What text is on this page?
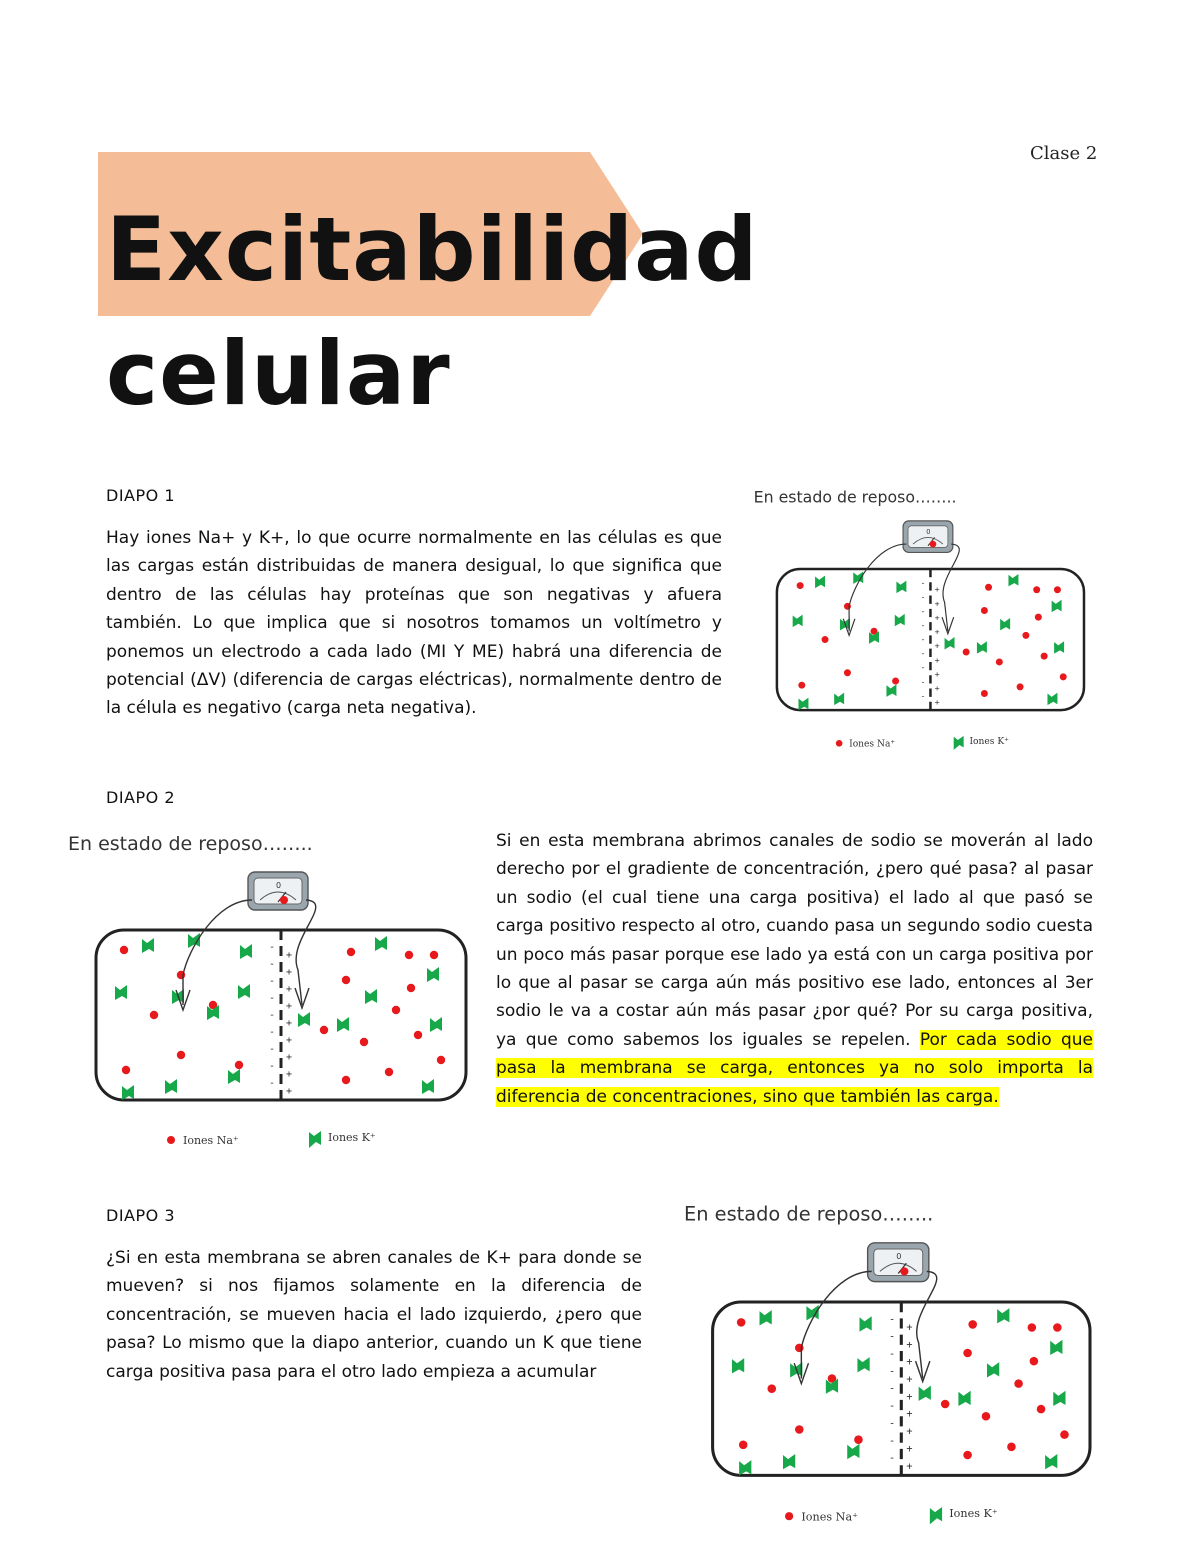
Clase 2
Excitabilidad
celular
DIAPO 1
Hay iones Na+ y K+, lo que ocurre normalmente en las células es que las cargas están distribuidas de manera desigual, lo que significa que dentro de las células hay proteínas que son negativas y afuera también. Lo que implica que si nosotros tomamos un voltímetro y ponemos un electrodo a cada lado (MI Y ME) habrá una diferencia de potencial (ΔV) (diferencia de cargas eléctricas), normalmente dentro de la célula es negativo (carga neta negativa).
DIAPO 2
Si en esta membrana abrimos canales de sodio se moverán al lado derecho por el gradiente de concentración, ¿pero qué pasa? al pasar un sodio (el cual tiene una carga positiva) el lado al que pasó se carga positivo respecto al otro, cuando pasa un segundo sodio cuesta un poco más pasar porque ese lado ya está con un carga positiva por lo que al pasar se carga aún más positivo ese lado, entonces al 3er sodio le va a costar aún más pasar ¿por qué? Por su carga positiva, ya que como sabemos los iguales se repelen. Por cada sodio que pasa la membrana se carga, entonces ya no solo importa la diferencia de concentraciones, sino que también las carga.
DIAPO 3
¿Si en esta membrana se abren canales de K+ para donde se mueven? si nos fijamos solamente en la diferencia de concentración, se mueven hacia el lado izquierdo, ¿pero que pasa? Lo mismo que la diapo anterior, cuando un K que tiene carga positiva pasa para el otro lado empieza a acumular
En estado de reposo……..
-
+
-
+
-
+
-
+
-
+
-
+
-
+
-
+
-
+
0
Iones Na⁺	Iones K⁺
En estado de reposo……..
-
+
-
+
-
+
-
+
-
+
-
+
-
+
-
+
-
+
0
Iones Na⁺	Iones K⁺
En estado de reposo……..
-
+
-
+
-
+
-
+
-
+
-
+
-
+
-
+
-
+
0
Iones Na⁺	Iones K⁺
